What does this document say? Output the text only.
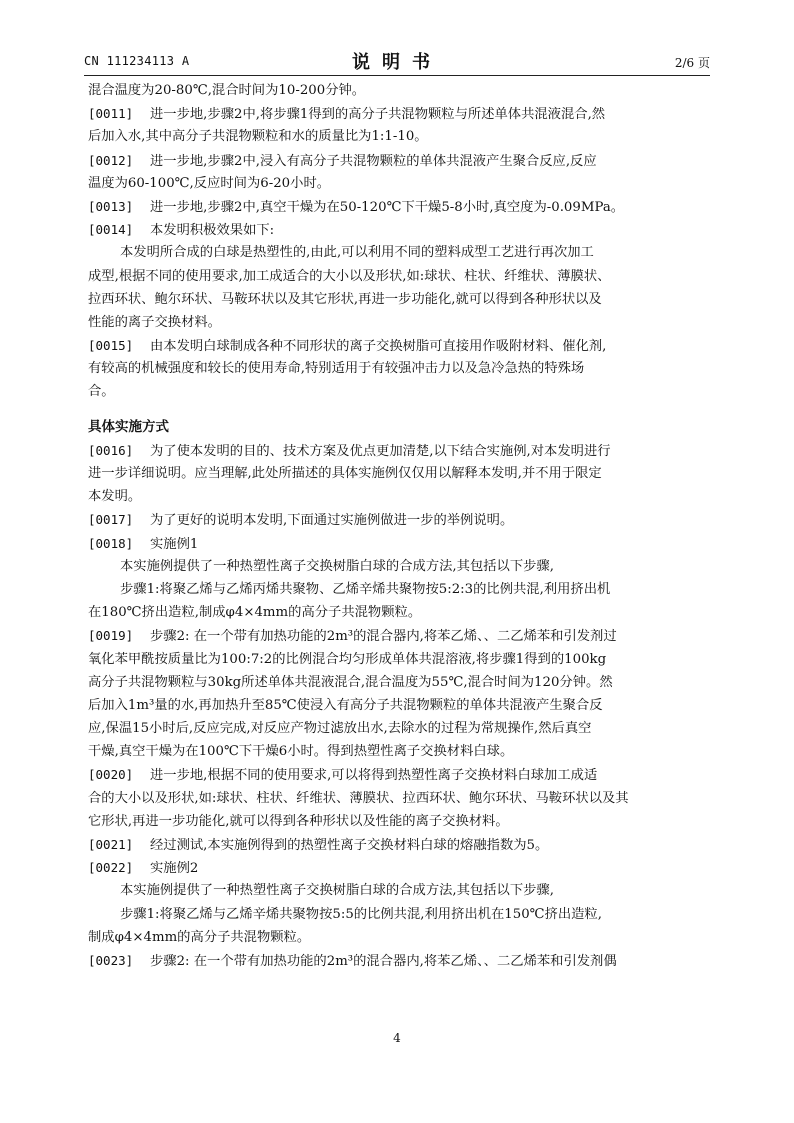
CN 111234113 A	说明书	2/6 页
混合温度为20-80℃,混合时间为10-200分钟。
[0011] 进一步地,步骤2中,将步骤1得到的高分子共混物颗粒与所述单体共混液混合,然
后加入水,其中高分子共混物颗粒和水的质量比为1:1-10。
[0012] 进一步地,步骤2中,浸入有高分子共混物颗粒的单体共混液产生聚合反应,反应
温度为60-100℃,反应时间为6-20小时。
[0013] 进一步地,步骤2中,真空干燥为在50-120℃下干燥5-8小时,真空度为-0.09MPa。
[0014] 本发明积极效果如下:
本发明所合成的白球是热塑性的,由此,可以利用不同的塑料成型工艺进行再次加工
成型,根据不同的使用要求,加工成适合的大小以及形状,如:球状、柱状、纤维状、薄膜状、
拉西环状、鲍尔环状、马鞍环状以及其它形状,再进一步功能化,就可以得到各种形状以及
性能的离子交换材料。
[0015] 由本发明白球制成各种不同形状的离子交换树脂可直接用作吸附材料、催化剂,
有较高的机械强度和较长的使用寿命,特别适用于有较强冲击力以及急冷急热的特殊场
合。
具体实施方式
[0016] 为了使本发明的目的、技术方案及优点更加清楚,以下结合实施例,对本发明进行
进一步详细说明。应当理解,此处所描述的具体实施例仅仅用以解释本发明,并不用于限定
本发明。
[0017] 为了更好的说明本发明,下面通过实施例做进一步的举例说明。
[0018] 实施例1
本实施例提供了一种热塑性离子交换树脂白球的合成方法,其包括以下步骤,
步骤1:将聚乙烯与乙烯丙烯共聚物、乙烯辛烯共聚物按5:2:3的比例共混,利用挤出机
在180℃挤出造粒,制成φ4×4mm的高分子共混物颗粒。
[0019] 步骤2: 在一个带有加热功能的2m³的混合器内,将苯乙烯、、二乙烯苯和引发剂过
氧化苯甲酰按质量比为100:7:2的比例混合均匀形成单体共混溶液,将步骤1得到的100kg
高分子共混物颗粒与30kg所述单体共混液混合,混合温度为55℃,混合时间为120分钟。然
后加入1m³量的水,再加热升至85℃使浸入有高分子共混物颗粒的单体共混液产生聚合反
应,保温15小时后,反应完成,对反应产物过滤放出水,去除水的过程为常规操作,然后真空
干燥,真空干燥为在100℃下干燥6小时。得到热塑性离子交换材料白球。
[0020] 进一步地,根据不同的使用要求,可以将得到热塑性离子交换材料白球加工成适
合的大小以及形状,如:球状、柱状、纤维状、薄膜状、拉西环状、鲍尔环状、马鞍环状以及其
它形状,再进一步功能化,就可以得到各种形状以及性能的离子交换材料。
[0021] 经过测试,本实施例得到的热塑性离子交换材料白球的熔融指数为5。
[0022] 实施例2
本实施例提供了一种热塑性离子交换树脂白球的合成方法,其包括以下步骤,
步骤1:将聚乙烯与乙烯辛烯共聚物按5:5的比例共混,利用挤出机在150℃挤出造粒,
制成φ4×4mm的高分子共混物颗粒。
[0023] 步骤2: 在一个带有加热功能的2m³的混合器内,将苯乙烯、、二乙烯苯和引发剂偶
4
